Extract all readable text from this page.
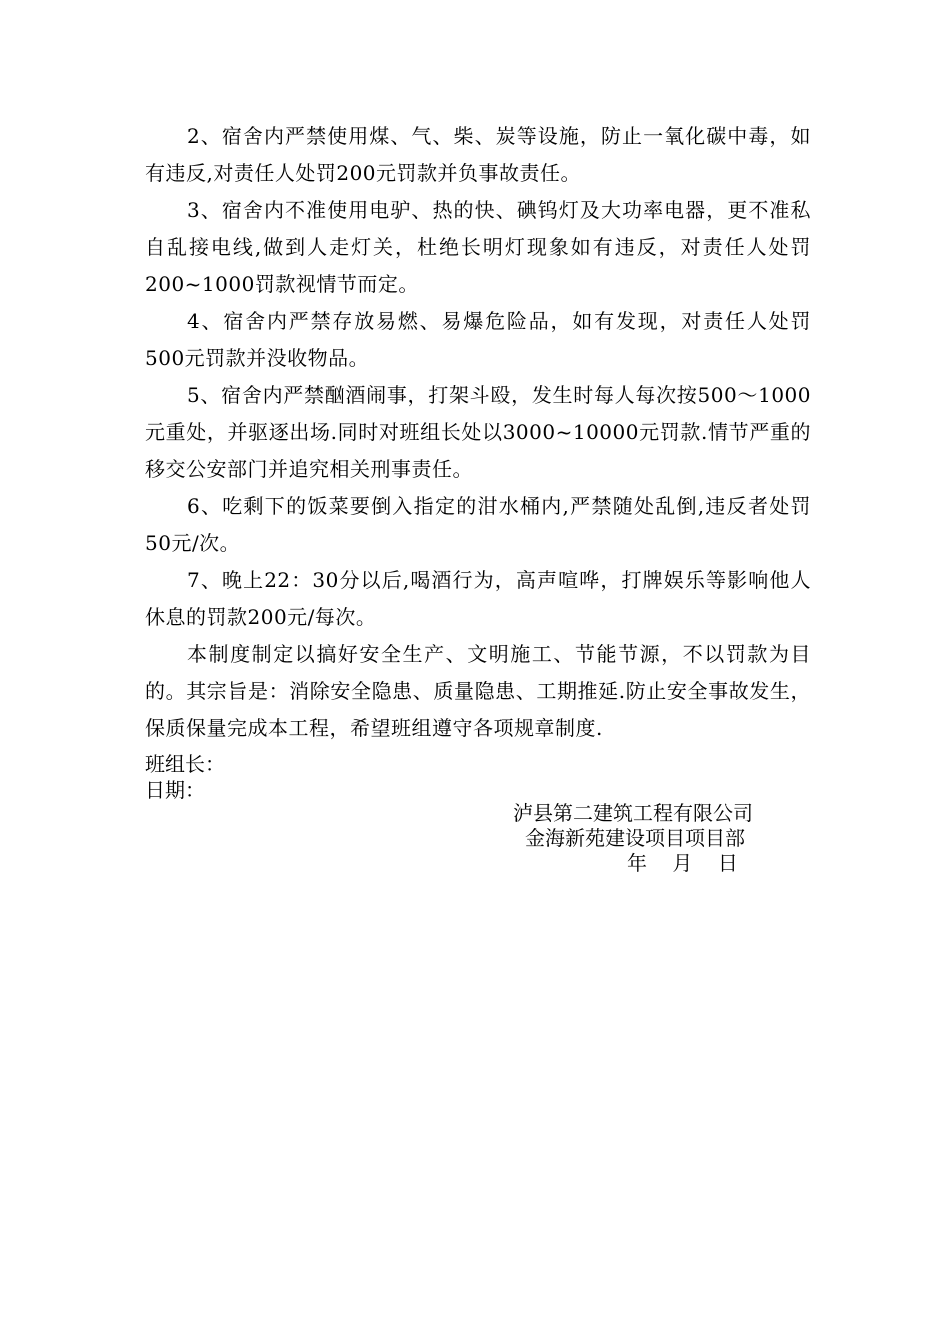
2、宿舍内严禁使用煤、气、柴、炭等设施，防止一氧化碳中毒，如有违反,对责任人处罚200元罚款并负事故责任。

3、宿舍内不准使用电驴、热的快、碘钨灯及大功率电器，更不准私自乱接电线,做到人走灯关，杜绝长明灯现象如有违反，对责任人处罚200~1000罚款视情节而定。

4、宿舍内严禁存放易燃、易爆危险品，如有发现，对责任人处罚500元罚款并没收物品。

5、宿舍内严禁酗酒闹事，打架斗殴，发生时每人每次按500～1000元重处，并驱逐出场.同时对班组长处以3000~10000元罚款.情节严重的移交公安部门并追究相关刑事责任。

6、吃剩下的饭菜要倒入指定的泔水桶内,严禁随处乱倒,违反者处罚50元/次。

7、晚上22：30分以后,喝酒行为，高声喧哗，打牌娱乐等影响他人休息的罚款200元/每次。

本制度制定以搞好安全生产、文明施工、节能节源，不以罚款为目的。其宗旨是：消除安全隐患、质量隐患、工期推延.防止安全事故发生，保质保量完成本工程，希望班组遵守各项规章制度.

班组长：

日期：

泸县第二建筑工程有限公司

金海新苑建设项目项目部

年    月    日
